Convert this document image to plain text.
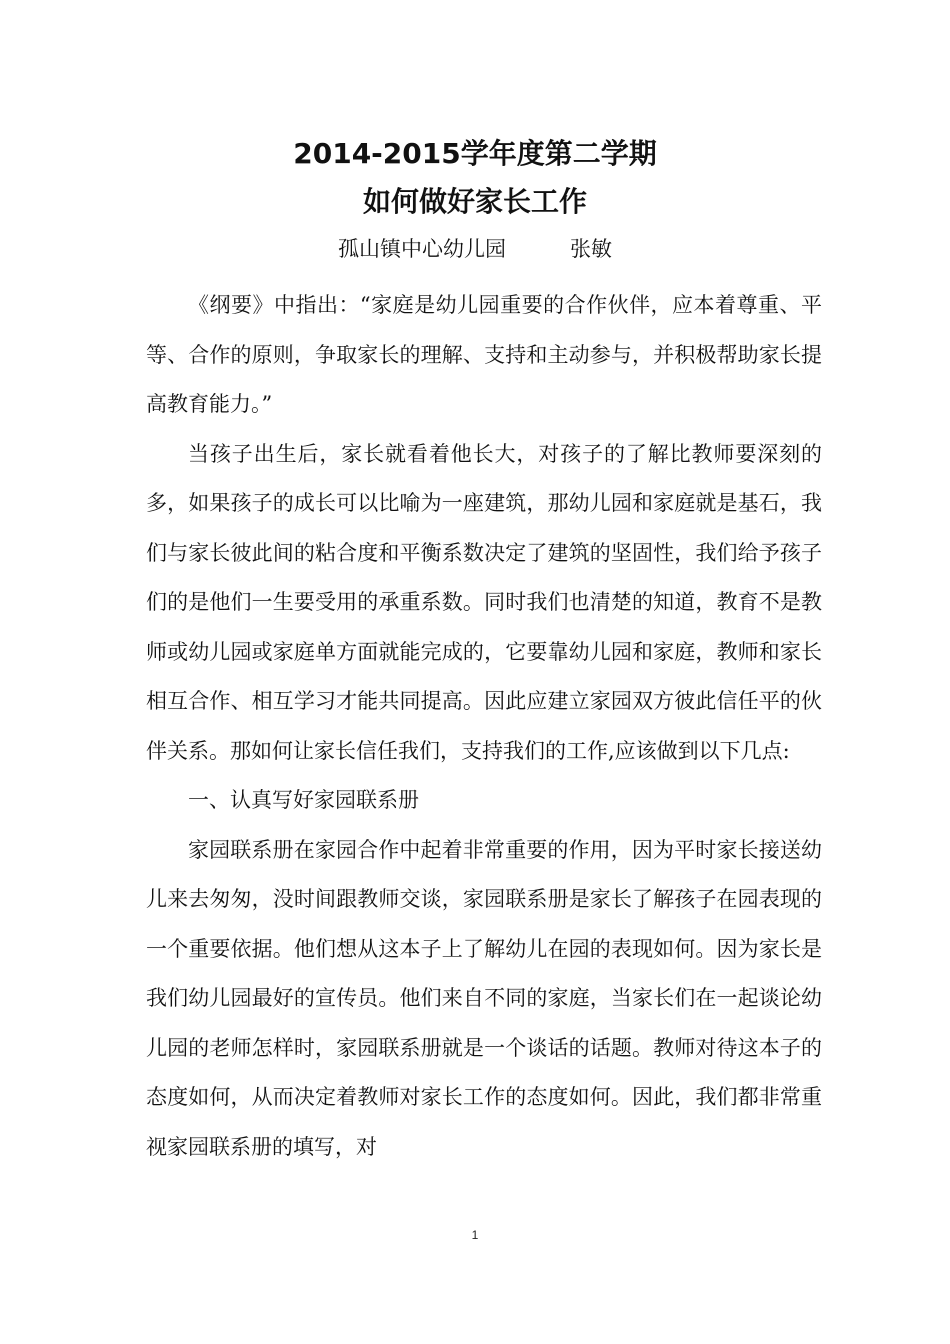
2014-2015学年度第二学期
如何做好家长工作
孤山镇中心幼儿园	张敏

《纲要》中指出：“家庭是幼儿园重要的合作伙伴，应本着尊重、平等、合作的原则，争取家长的理解、支持和主动参与，并积极帮助家长提高教育能力。”

当孩子出生后，家长就看着他长大，对孩子的了解比教师要深刻的多，如果孩子的成长可以比喻为一座建筑，那幼儿园和家庭就是基石，我们与家长彼此间的粘合度和平衡系数决定了建筑的坚固性，我们给予孩子们的是他们一生要受用的承重系数。同时我们也清楚的知道，教育不是教师或幼儿园或家庭单方面就能完成的，它要靠幼儿园和家庭，教师和家长相互合作、相互学习才能共同提高。因此应建立家园双方彼此信任平的伙伴关系。那如何让家长信任我们，支持我们的工作,应该做到以下几点:

一、认真写好家园联系册

家园联系册在家园合作中起着非常重要的作用，因为平时家长接送幼儿来去匆匆，没时间跟教师交谈，家园联系册是家长了解孩子在园表现的一个重要依据。他们想从这本子上了解幼儿在园的表现如何。因为家长是我们幼儿园最好的宣传员。他们来自不同的家庭，当家长们在一起谈论幼儿园的老师怎样时，家园联系册就是一个谈话的话题。教师对待这本子的态度如何，从而决定着教师对家长工作的态度如何。因此，我们都非常重视家园联系册的填写，对

1
